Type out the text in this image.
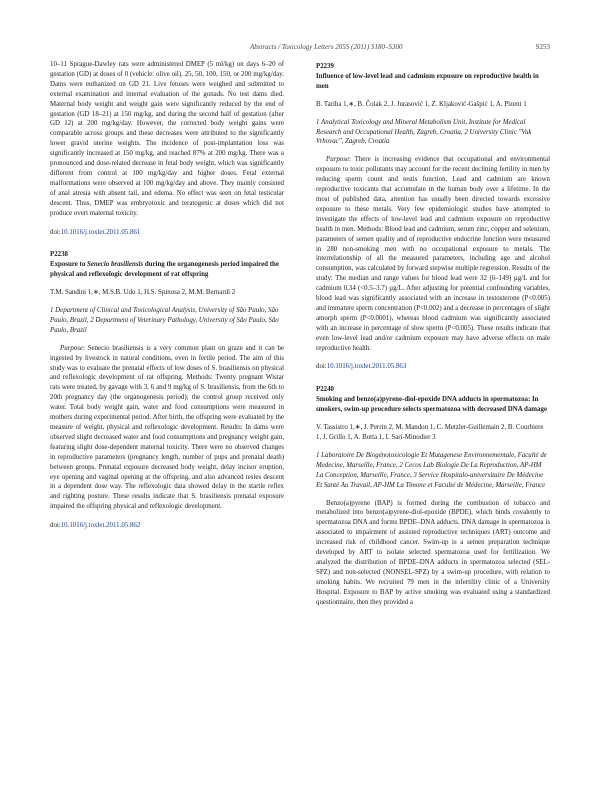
Abstracts / Toxicology Letters 205S (2011) S180–S300	S253

10–11 Sprague-Dawley rats were administered DMEP (5 ml/kg) on days 6–20 of gestation (GD) at doses of 0 (vehicle: olive oil), 25, 50, 100, 150, or 200 mg/kg/day. Dams were euthanized on GD 21. Live fetuses were weighed and submitted to external examination and internal evaluation of the gonads. No test dams died. Maternal body weight and weight gain were significantly reduced by the end of gestation (GD 18–21) at 150 mg/kg, and during the second half of gestation (after GD 12) at 200 mg/kg/day. However, the corrected body weight gains were comparable across groups and these decreases were attributed to the significantly lower gravid uterine weights. The incidence of post-implantation loss was significantly increased at 150 mg/kg, and reached 87% at 200 mg/kg. There was a pronounced and dose-related decrease in fetal body weight, which was significantly different from control at 100 mg/kg/day and higher doses. Fetal external malformations were observed at 100 mg/kg/day and above. They mainly consisted of anal atresia with absent tail, and edema. No effect was seen on fetal testicular descent. Thus, DMEP was embryotoxic and teratogenic at doses which did not produce overt maternal toxicity.

doi:10.1016/j.toxlet.2011.05.861
P2238
Exposure to Senecio brasiliensis during the organogenesis period impaired the physical and reflexologic development of rat offspring
T.M. Sandini 1,∗, M.S.B. Udo 1, H.S. Spinosa 2, M.M. Bernardi 2
1 Department of Clinical and Toxicological Analysis, University of São Paulo, São Paulo, Brazil, 2 Department of Veterinary Pathology, University of São Paulo, São Paulo, Brazil

Purpose: Senecio brasiliensis is a very common plant on graze and it can be ingested by livestock in natural conditions, even in fertile period. The aim of this study was to evaluate the prenatal effects of low doses of S. brasiliensis on physical and reflexologic development of rat offspring. Methods: Twenty pregnant Wistar rats were treated, by gavage with 3, 6 and 9 mg/kg of S. brasiliensis, from the 6th to 20th pregnancy day (the organogenesis period); the control group received only water. Total body weight gain, water and food consumptions were measured in mothers during experimental period. After birth, the offspring were evaluated by the measure of weight, physical and reflexologic development. Results: In dams were observed slight decreased water and food consumptions and pregnancy weight gain, featuring slight dose-dependent maternal toxicity. There were no observed changes in reproductive parameters (pregnancy length, number of pups and prenatal death) between groups. Prenatal exposure decreased body weight, delay incisor eruption, eye opening and vaginal opening at the offspring, and also advanced testes descent in a dependent dose way. The reflexologic data showed delay in the startle reflex and righting posture. These results indicate that S. brasiliensis prenatal exposure impaired the offspring physical and reflexologic development.

doi:10.1016/j.toxlet.2011.05.862
P2239
Influence of low-level lead and cadmium exposure on reproductive health in men
B. Tariba 1,∗, B. Čolak 2, J. Jurasović 1, Z. Kljaković-Gašpić 1, A. Pizent 1
1 Analytical Toxicology and Mineral Metabolism Unit, Institute for Medical Research and Occupational Health, Zagreb, Croatia, 2 University Clinic "Vuk Vrhovac", Zagreb, Croatia

Purpose: There is increasing evidence that occupational and environmental exposure to toxic pollutants may account for the recent declining fertility in men by reducing sperm count and testis function. Lead and cadmium are known reproductive toxicants that accumulate in the human body over a lifetime. In the most of published data, attention has usually been directed towards excessive exposure to these metals. Very few epidemiologic studies have attempted to investigate the effects of low-level lead and cadmium exposure on reproductive health in men. Methods: Blood lead and cadmium, serum zinc, copper and selenium, parameters of semen quality and of reproductive endocrine function were measured in 280 non-smoking men with no occupational exposure to metals. The interrelationship of all the measured parameters, including age and alcohol consumption, was calculated by forward stepwise multiple regression. Results of the study: The median and range values for blood lead were 32 (6–149) µg/L and for cadmium 0.34 (<0.5–3.7) µg/L. After adjusting for potential confounding variables, blood lead was significantly associated with an increase in testosterone (P<0.005) and immature sperm concentration (P<0.002) and a decrease in percentages of slight amorph sperm (P<0.0001), whereas blood cadmium was significantly associated with an increase in percentage of slow sperm (P<0.005). These results indicate that even low-level lead and/or cadmium exposure may have adverse effects on male reproductive health.

doi:10.1016/j.toxlet.2011.05.863
P2240
Smoking and benzo(a)pyrene-diol-epoxide DNA adducts in spermatozoa: In smokers, swim-up procedure selects spermatozoa with decreased DNA damage
V. Tassistro 1,∗, J. Perrin 2, M. Mandon 1, C. Metzler-Guillemain 2, B. Courbiere 1, J. Grillo 1, A. Botta 1, I. Sari-Minodier 3
1 Laboratoire De Biogénotoxicologie Et Mutagenese Environnementale, Faculté de Medecine, Marseille, France, 2 Cecos Lab Biologie De La Reproduction, AP-HM La Conception, Marseille, France, 3 Service Hospitalo-universitaire De Médecine Et Santé Au Travail, AP-HM La Timone et Faculté de Médecine, Marseille, France

Benzo(a)pyrene (BAP) is formed during the combustion of tobacco and metabolized into benzo(a)pyrene-diol-epoxide (BPDE), which binds covalently to spermatozoa DNA and forms BPDE–DNA adducts. DNA damage in spermatozoa is associated to impairment of assisted reproductive techniques (ART) outcome and increased risk of childhood cancer. Swim-up is a semen preparation technique developed by ART to isolate selected spermatozoa used for fertilization. We analyzed the distribution of BPDE–DNA adducts in spermatozoa selected (SEL-SPZ) and non-selected (NONSEL-SPZ) by a swim-up procedure, with relation to smoking habits. We recruited 79 men in the infertility clinic of a University Hospital. Exposure to BAP by active smoking was evaluated using a standardized questionnaire, then they provided a
